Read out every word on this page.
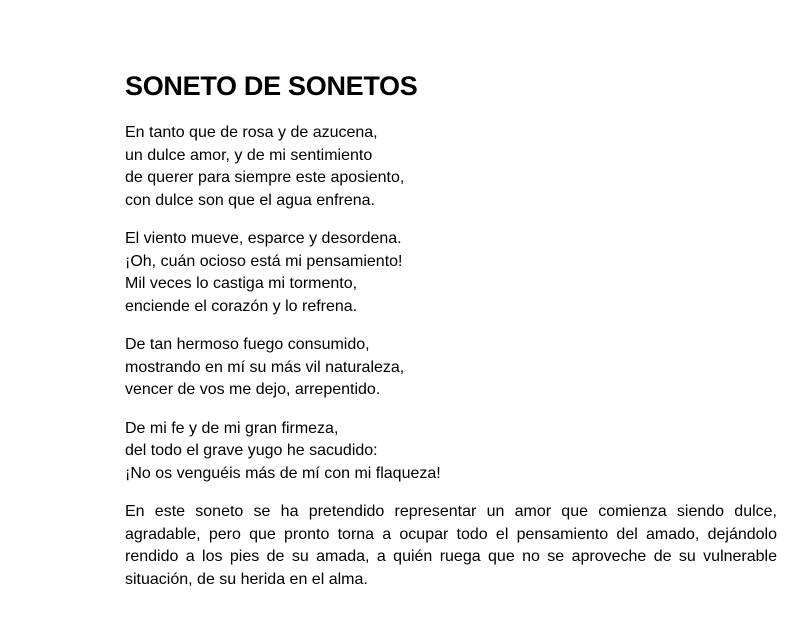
SONETO DE SONETOS

En tanto que de rosa y de azucena,
un dulce amor, y de mi sentimiento
de querer para siempre este aposiento,
con dulce son que el agua enfrena.

El viento mueve, esparce y desordena.
¡Oh, cuán ocioso está mi pensamiento!
Mil veces lo castiga mi tormento,
enciende el corazón y lo refrena.

De tan hermoso fuego consumido,
mostrando en mí su más vil naturaleza,
vencer de vos me dejo, arrepentido.

De mi fe y de mi gran firmeza,
del todo el grave yugo he sacudido:
¡No os venguéis más de mí con mi flaqueza!

En este soneto se ha pretendido representar un amor que comienza siendo dulce, agradable, pero que pronto torna a ocupar todo el pensamiento del amado, dejándolo rendido a los pies de su amada, a quién ruega que no se aproveche de su vulnerable situación, de su herida en el alma.
